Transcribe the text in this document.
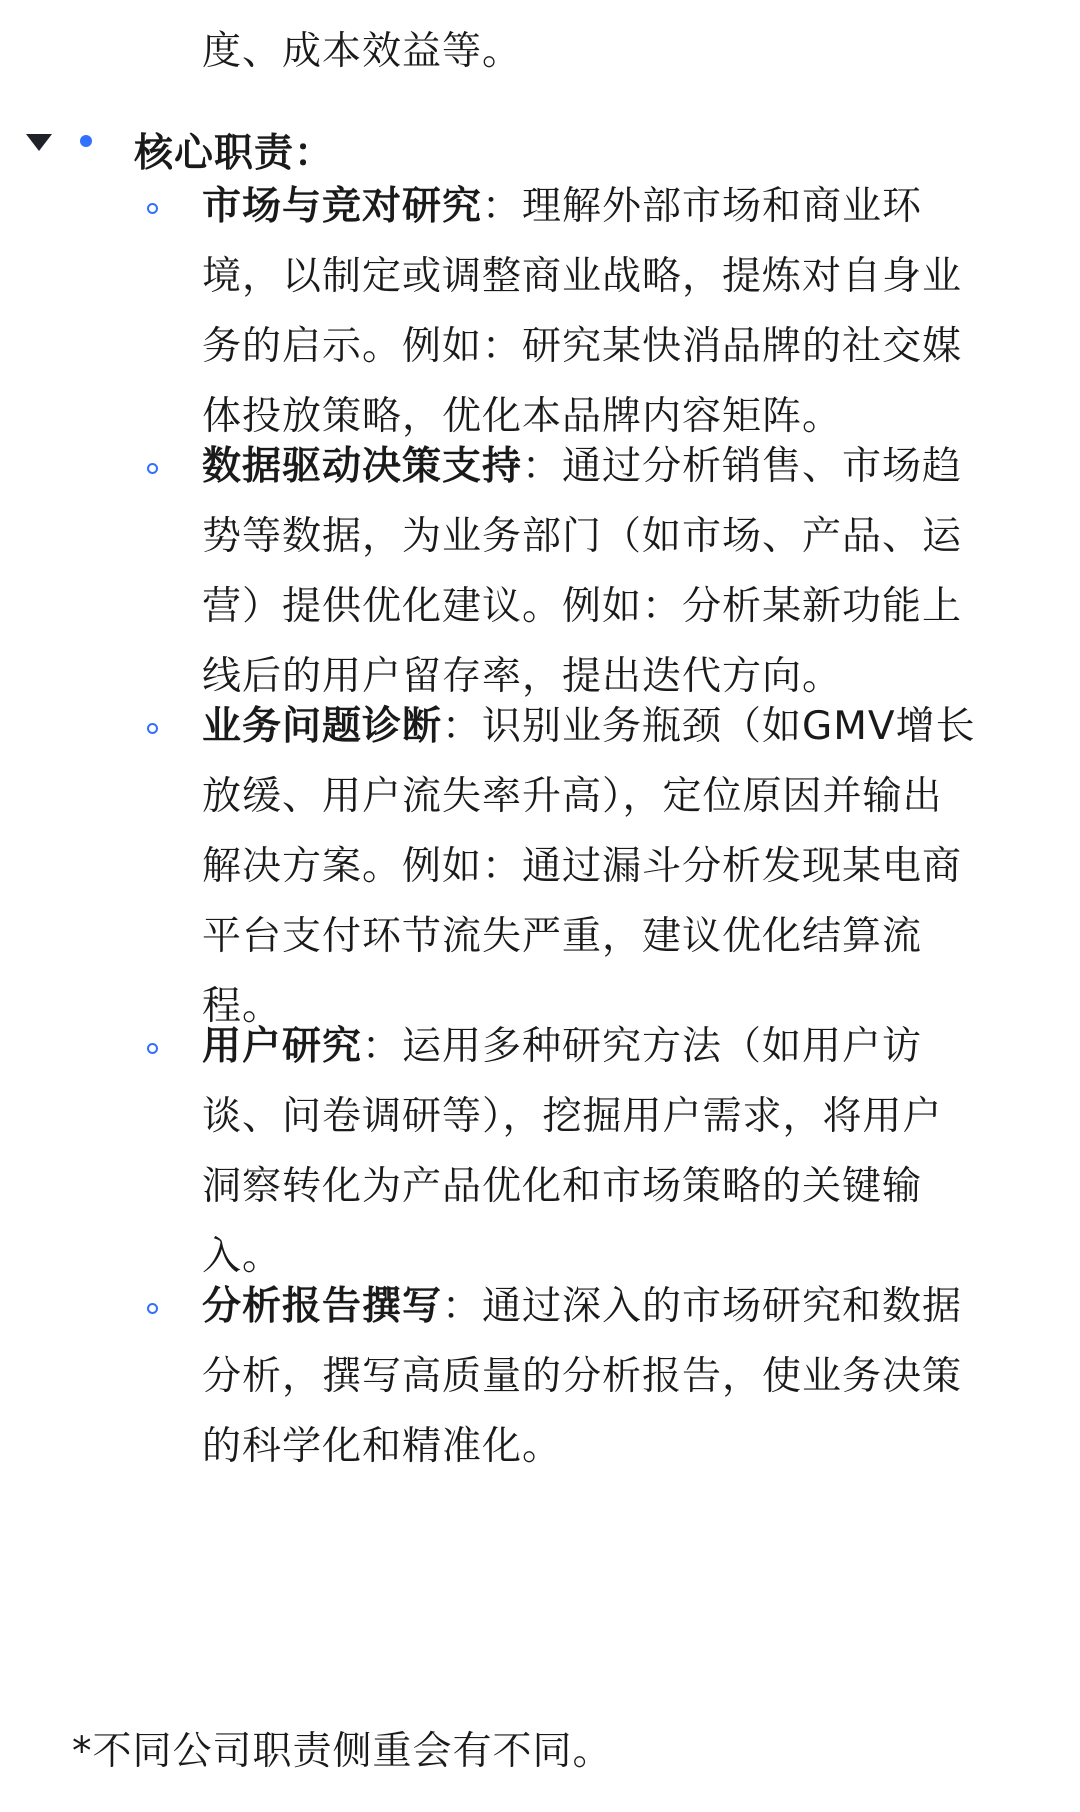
度、成本效益等。
核心职责：
市场与竞对研究：理解外部市场和商业环
境，以制定或调整商业战略，提炼对自身业
务的启示。例如：研究某快消品牌的社交媒
体投放策略，优化本品牌内容矩阵。
数据驱动决策支持：通过分析销售、市场趋
势等数据，为业务部门（如市场、产品、运
营）提供优化建议。例如：分析某新功能上
线后的用户留存率，提出迭代方向。
业务问题诊断：识别业务瓶颈（如GMV增长
放缓、用户流失率升高），定位原因并输出
解决方案。例如：通过漏斗分析发现某电商
平台支付环节流失严重，建议优化结算流
程。
用户研究：运用多种研究方法（如用户访
谈、问卷调研等），挖掘用户需求，将用户
洞察转化为产品优化和市场策略的关键输
入。
分析报告撰写：通过深入的市场研究和数据
分析，撰写高质量的分析报告，使业务决策
的科学化和精准化。
*不同公司职责侧重会有不同。
